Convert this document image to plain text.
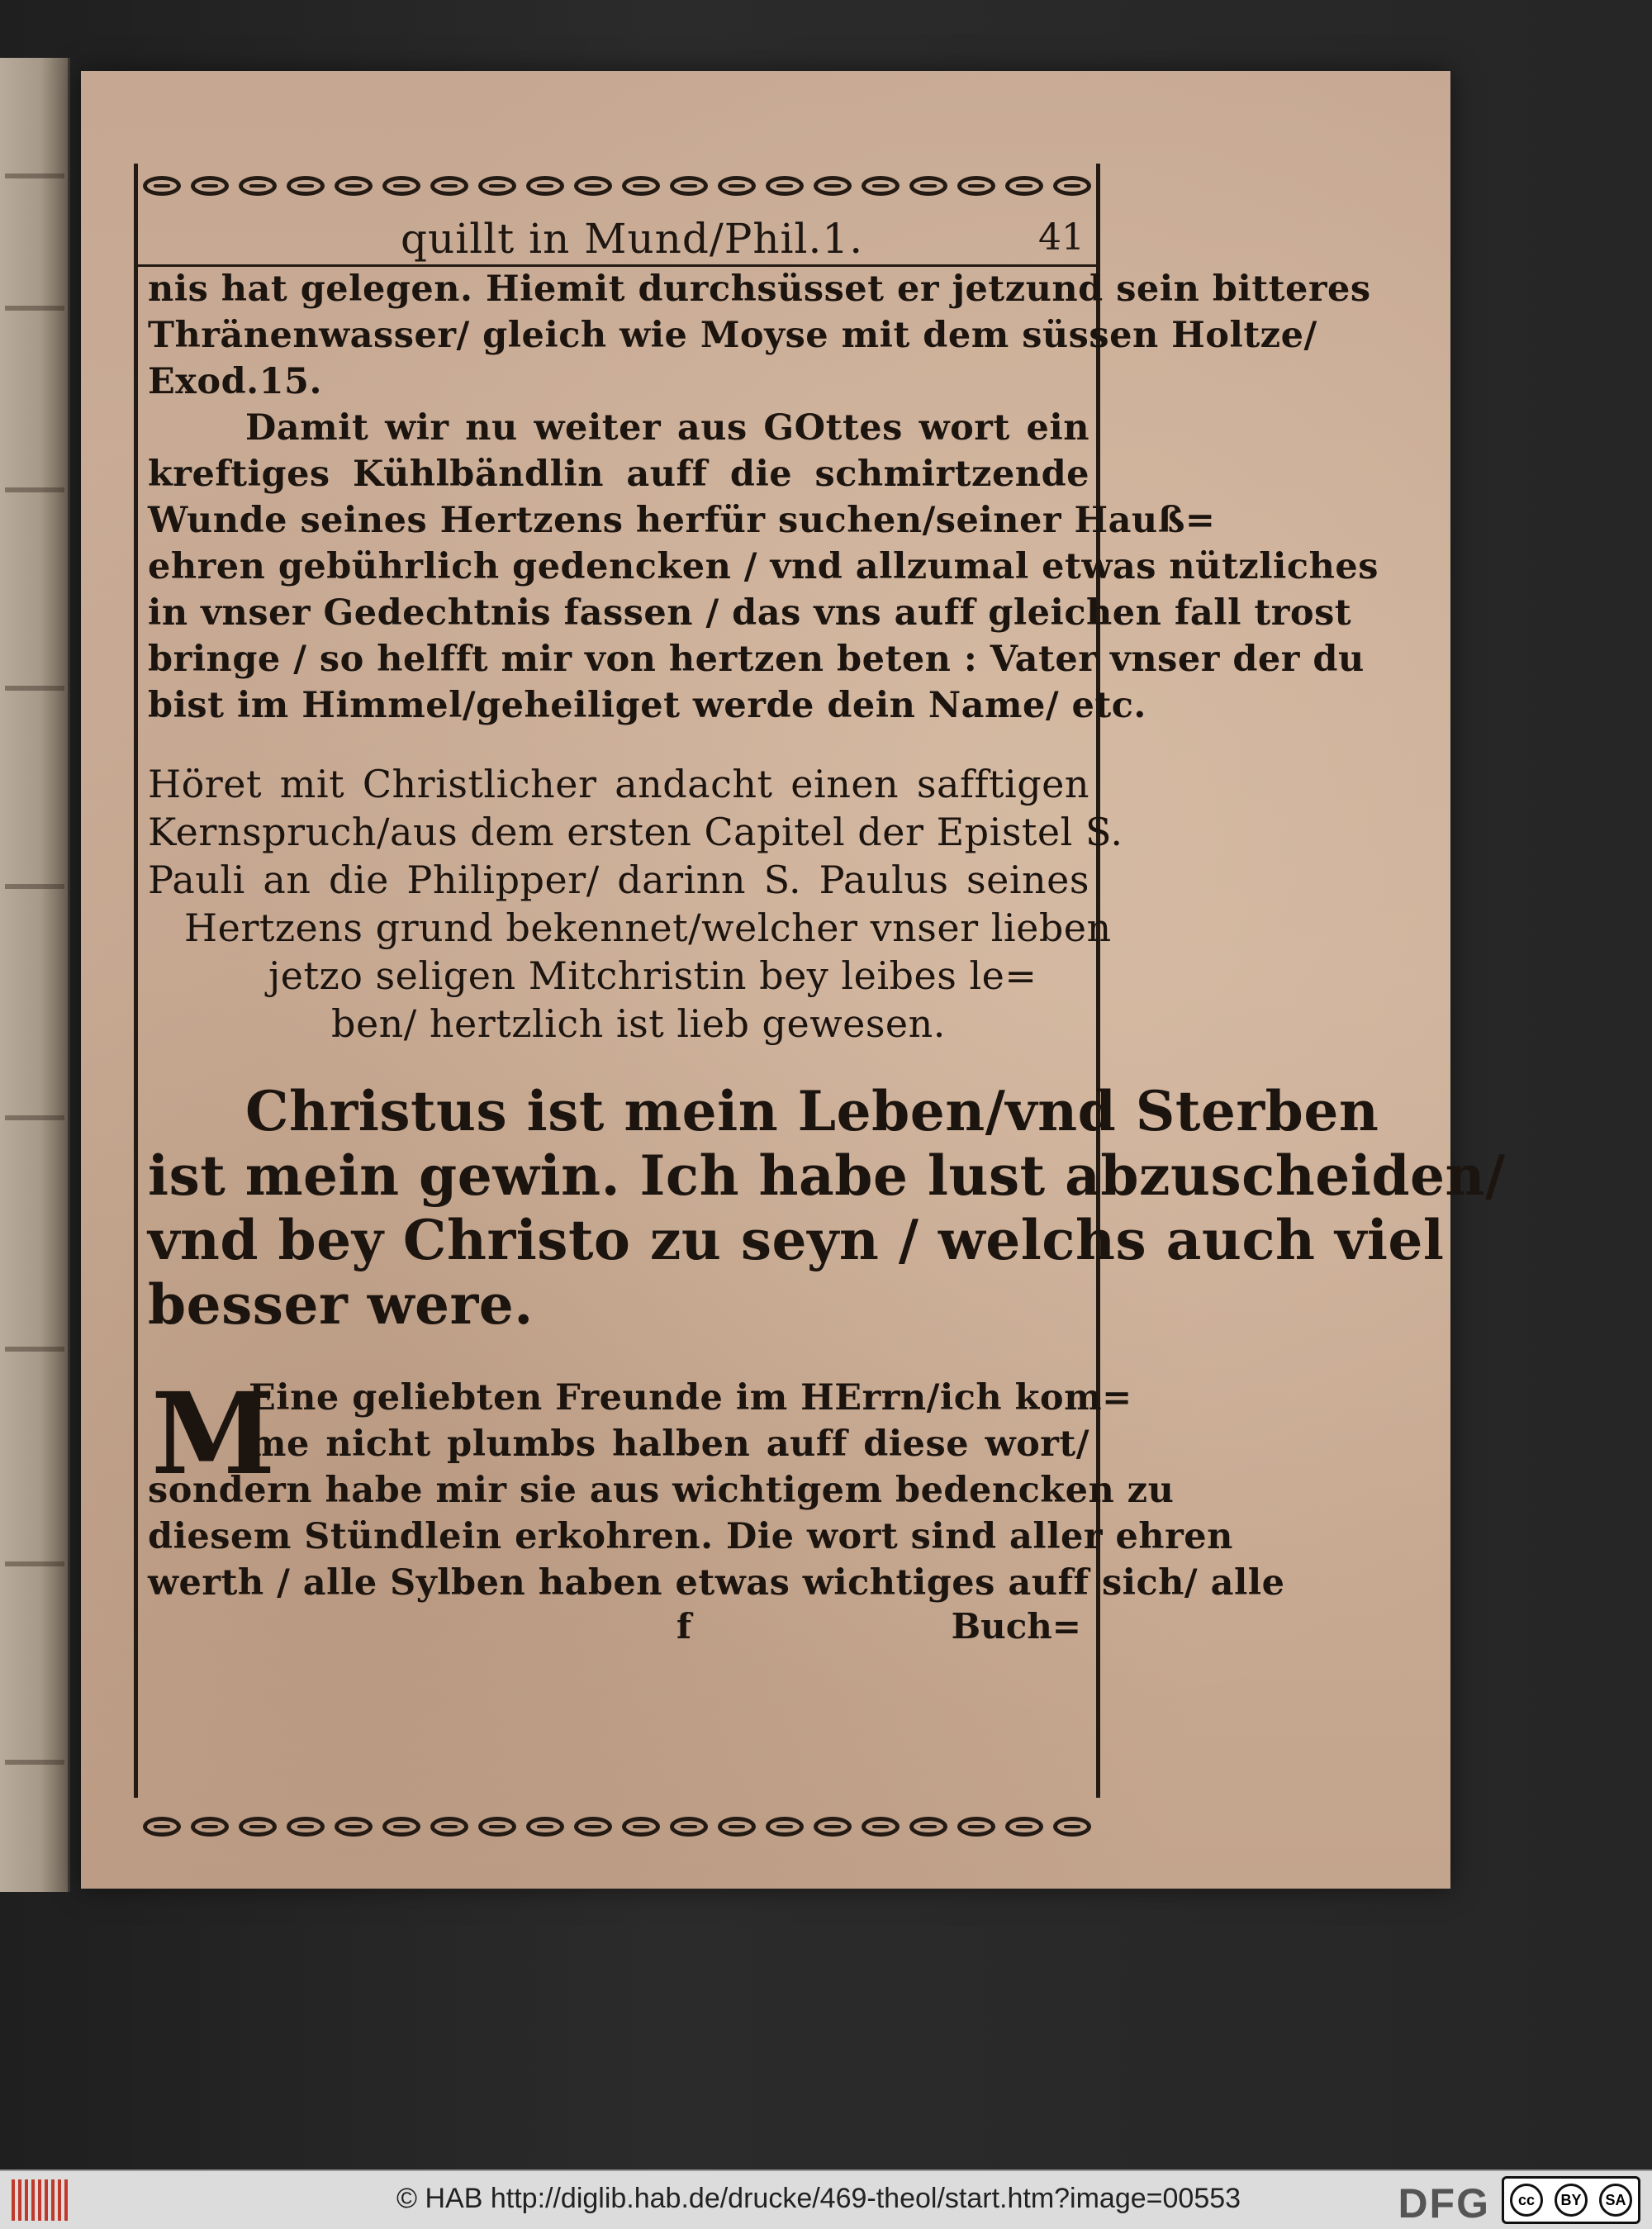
quillt in Mund/Phil.1.	41
nis hat gelegen. Hiemit durchsüsset er jetzund sein bitteres
Thränenwasser/ gleich wie Moyse mit dem süssen Holtze/
Exod.15.
Damit wir nu weiter aus GOttes wort ein
kreftiges Kühlbändlin auff die schmirtzende
Wunde seines Hertzens herfür suchen/seiner Hauß=
ehren gebührlich gedencken / vnd allzumal etwas nützliches
in vnser Gedechtnis fassen / das vns auff gleichen fall trost
bringe / so helfft mir von hertzen beten : Vater vnser der du
bist im Himmel/geheiliget werde dein Name/ etc.
Höret mit Christlicher andacht einen safftigen
Kernspruch/aus dem ersten Capitel der Epistel S.
Pauli an die Philipper/ darinn S. Paulus seines
Hertzens grund bekennet/welcher vnser lieben
jetzo seligen Mitchristin bey leibes le=
ben/ hertzlich ist lieb gewesen.
Christus ist mein Leben/vnd Sterben
ist mein gewin. Ich habe lust abzuscheiden/
vnd bey Christo zu seyn / welchs auch viel
besser were.
M
Eine geliebten Freunde im HErrn/ich kom=
me nicht plumbs halben auff diese wort/
sondern habe mir sie aus wichtigem bedencken zu
diesem Stündlein erkohren. Die wort sind aller ehren
werth / alle Sylben haben etwas wichtiges auff sich/ alle
f	Buch=
© HAB http://diglib.hab.de/drucke/469-theol/start.htm?image=00553	DFG	cc	BY	SA
